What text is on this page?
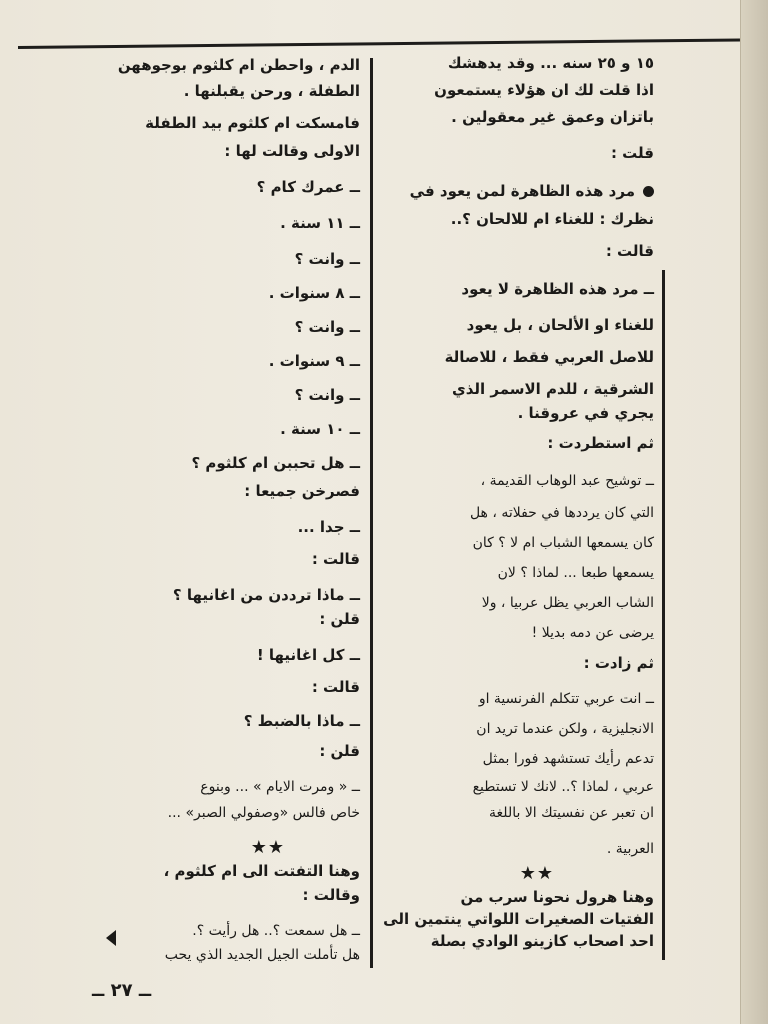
١٥ و ٢٥ سنه ... وقد يدهشك
اذا قلت لك ان هؤلاء يستمعون
باتزان وعمق غير معقولين .
قلت :
مرد هذه الظاهرة لمن يعود في
نظرك : للغناء ام للالحان ؟..
قالت :
ــ مرد هذه الظاهرة لا يعود
للغناء او الألحان ، بل يعود
للاصل العربي فقط ، للاصالة
الشرقية ، للدم الاسمر الذي
يجري في عروقنا .
ثم استطردت :
ــ توشيح عبد الوهاب القديمة ،
التي كان يرددها في حفلاته ، هل
كان يسمعها الشباب ام لا ؟ كان
يسمعها طبعا ... لماذا ؟ لان
الشاب العربي يظل عربيا ، ولا
يرضى عن دمه بديلا !
ثم زادت :
ــ انت عربي تتكلم الفرنسية او
الانجليزية ، ولكن عندما تريد ان
تدعم رأيك تستشهد فورا بمثل
عربي ، لماذا ؟.. لانك لا تستطيع
ان تعبر عن نفسيتك الا باللغة
العربية .
★★
وهنا هرول نحونا سرب من
الفتيات الصغيرات اللواتي ينتمين الى
احد اصحاب كازينو الوادي بصلة
الدم ، واحطن ام كلثوم بوجوههن
الطفلة ، ورحن يقبلنها .
فامسكت ام كلثوم بيد الطفلة
الاولى وقالت لها :
ــ عمرك كام ؟
ــ ١١ سنة .
ــ وانت ؟
ــ ٨ سنوات .
ــ وانت ؟
ــ ٩ سنوات .
ــ وانت ؟
ــ ١٠ سنة .
ــ هل تحببن ام كلثوم ؟
فصرخن جميعا :
ــ جدا ...
قالت :
ــ ماذا ترددن من اغانيها ؟
قلن :
ــ كل اغانيها !
قالت :
ــ ماذا بالضبط ؟
قلن :
ــ « ومرت الايام » ... وبنوع
خاص فالس «وصفولي الصبر» ...
★★
وهنا التفتت الى ام كلثوم ،
وقالت :
ــ هل سمعت ؟.. هل رأيت ؟.
هل تأملت الجيل الجديد الذي يحب
ــ ٢٧ ــ
